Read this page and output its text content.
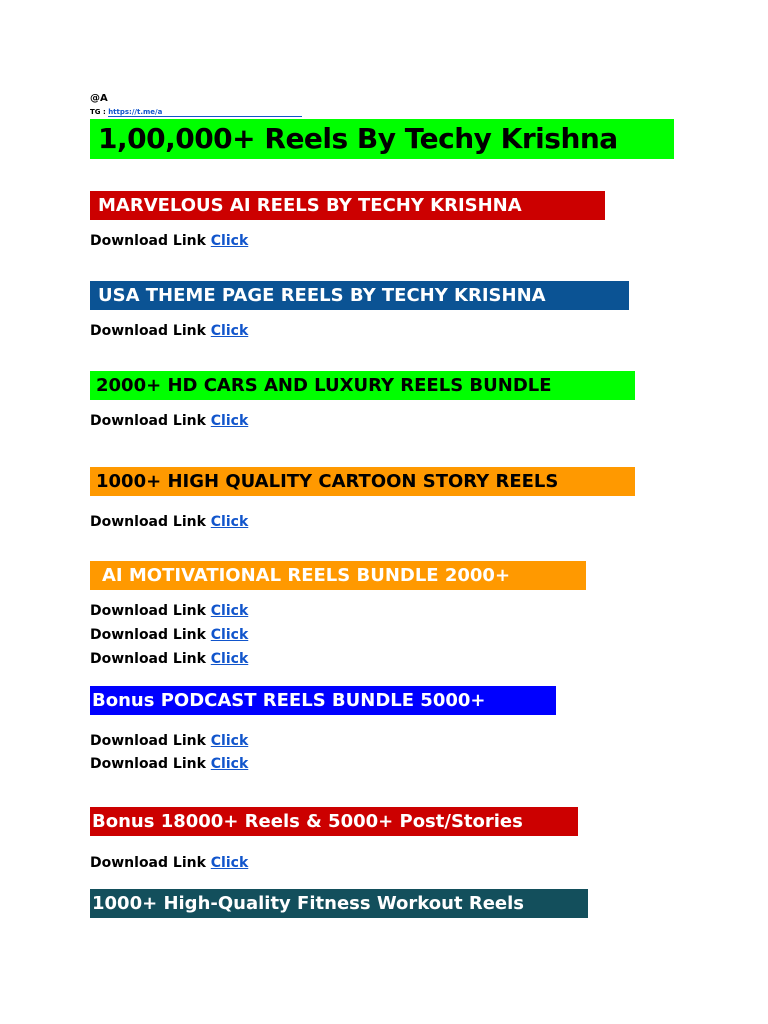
@A
TG : https://t.me/a
1,00,000+ Reels By Techy Krishna
MARVELOUS AI REELS BY TECHY KRISHNA
Download Link Click
USA THEME PAGE REELS BY TECHY KRISHNA
Download Link Click
2000+ HD CARS AND LUXURY REELS BUNDLE
Download Link Click
1000+ HIGH QUALITY CARTOON STORY REELS
Download Link Click
AI MOTIVATIONAL REELS BUNDLE 2000+
Download Link Click
Download Link Click
Download Link Click
Bonus PODCAST REELS BUNDLE 5000+
Download Link Click
Download Link Click
Bonus 18000+ Reels & 5000+ Post/Stories
Download Link Click
1000+ High-Quality Fitness Workout Reels
